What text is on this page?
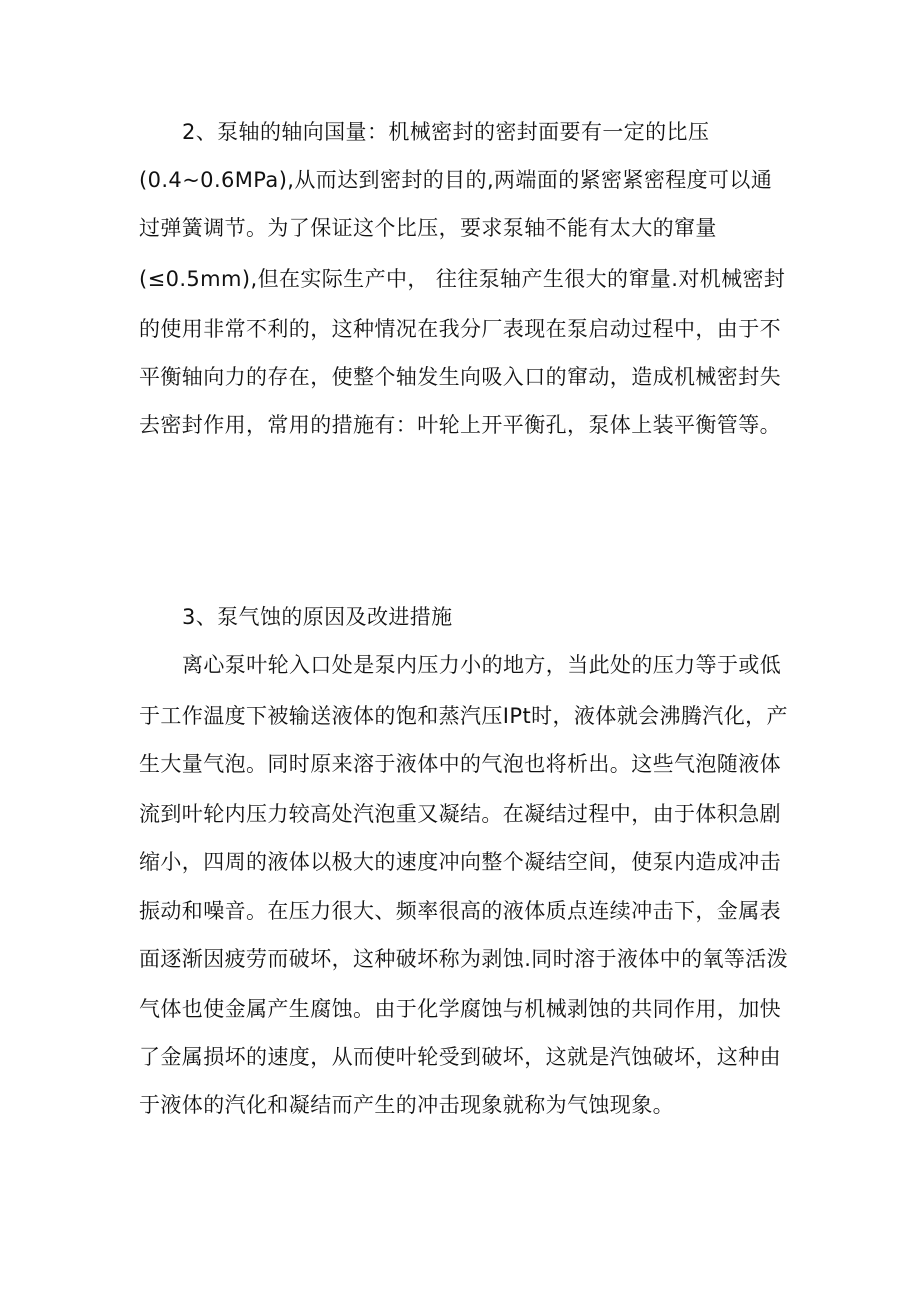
2、泵轴的轴向国量：机械密封的密封面要有一定的比压
(0.4~0.6MPa),从而达到密封的目的,两端面的紧密紧密程度可以通
过弹簧调节。为了保证这个比压，要求泵轴不能有太大的窜量
(≤0.5mm),但在实际生产中， 往往泵轴产生很大的窜量.对机械密封
的使用非常不利的，这种情况在我分厂表现在泵启动过程中，由于不
平衡轴向力的存在，使整个轴发生向吸入口的窜动，造成机械密封失
去密封作用，常用的措施有：叶轮上开平衡孔，泵体上装平衡管等。
3、泵气蚀的原因及改进措施
离心泵叶轮入口处是泵内压力小的地方，当此处的压力等于或低
于工作温度下被输送液体的饱和蒸汽压IPt时，液体就会沸腾汽化，产
生大量气泡。同时原来溶于液体中的气泡也将析出。这些气泡随液体
流到叶轮内压力较高处汽泡重又凝结。在凝结过程中，由于体积急剧
缩小，四周的液体以极大的速度冲向整个凝结空间，使泵内造成冲击
振动和噪音。在压力很大、频率很高的液体质点连续冲击下，金属表
面逐渐因疲劳而破坏，这种破坏称为剥蚀.同时溶于液体中的氧等活泼
气体也使金属产生腐蚀。由于化学腐蚀与机械剥蚀的共同作用，加快
了金属损坏的速度，从而使叶轮受到破坏，这就是汽蚀破坏，这种由
于液体的汽化和凝结而产生的冲击现象就称为气蚀现象。
